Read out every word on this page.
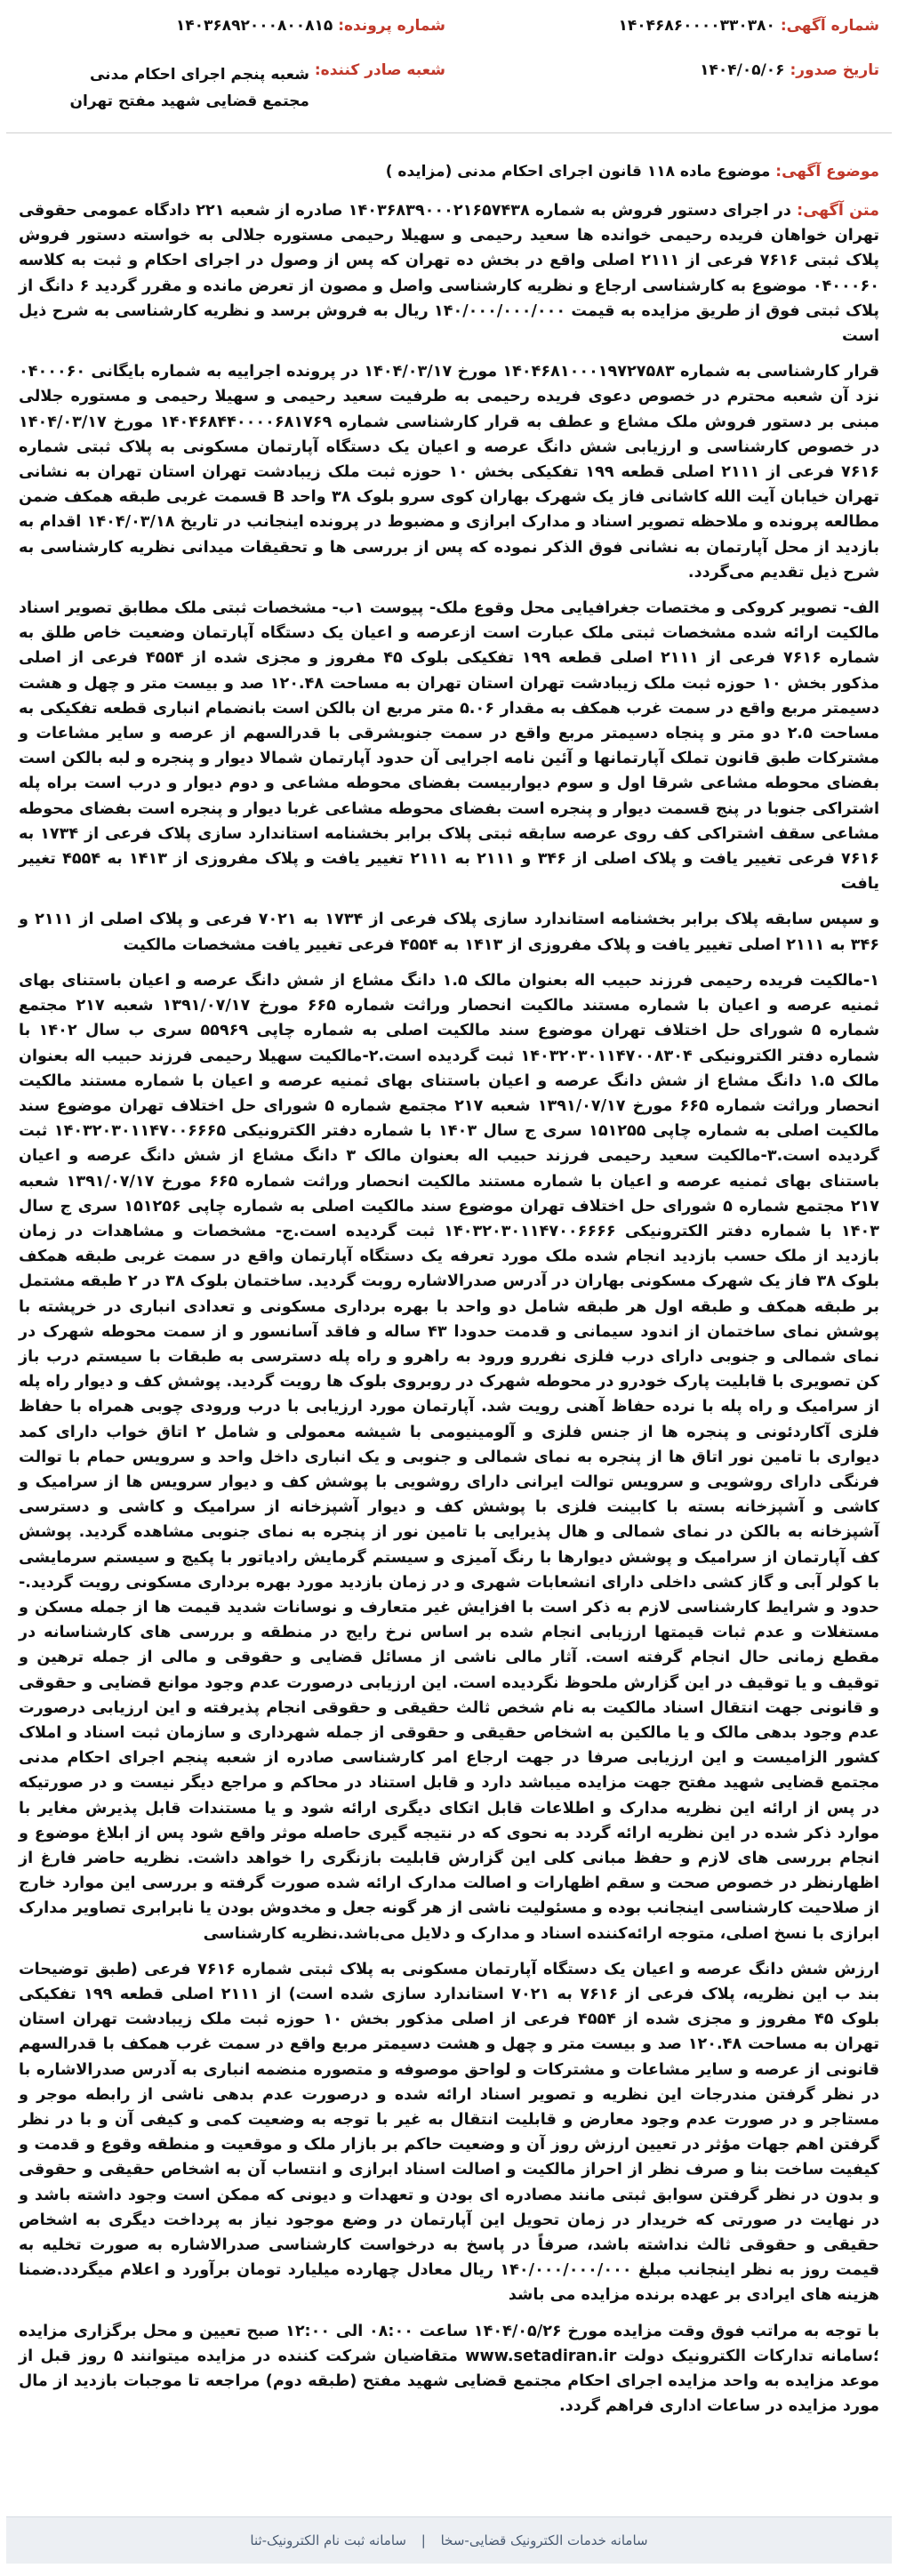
شماره آگهی: ۱۴۰۴۶۸۶۰۰۰۰۳۳۰۳۸۰
شماره پرونده: ۱۴۰۳۶۸۹۲۰۰۰۸۰۰۸۱۵
تاریخ صدور: ۱۴۰۴/۰۵/۰۶
شعبه صادر کننده: شعبه پنجم اجرای احکام مدنی مجتمع قضایی شهید مفتح تهران
موضوع آگهی: موضوع ماده ۱۱۸ قانون اجرای احکام مدنی (مزایده )

متن آگهی: در اجرای دستور فروش به شماره ۱۴۰۳۶۸۳۹۰۰۰۲۱۶۵۷۴۳۸ صادره از شعبه ۲۲۱ دادگاه عمومی حقوقی تهران خواهان فریده رحیمی خوانده ها سعید رحیمی و سهیلا رحیمی مستوره جلالی به خواسته دستور فروش پلاک ثبتی ۷۶۱۶ فرعی از ۲۱۱۱ اصلی واقع در بخش ده تهران که پس از وصول در اجرای احکام و ثبت به کلاسه ۰۴۰۰۰۶۰ موضوع به کارشناسی ارجاع و نظریه کارشناسی واصل و مصون از تعرض مانده و مقرر گردید ۶ دانگ از پلاک ثبتی فوق از طریق مزایده به قیمت ۱۴۰/۰۰۰/۰۰۰/۰۰۰ ریال به فروش برسد و نظریه کارشناسی به شرح ذیل است

قرار کارشناسی به شماره ۱۴۰۴۶۸۱۰۰۰۱۹۷۲۷۵۸۳ مورخ ۱۴۰۴/۰۳/۱۷ در پرونده اجراییه به شماره بایگانی ۰۴۰۰۰۶۰ نزد آن شعبه محترم در خصوص دعوی فریده رحیمی به طرفیت سعید رحیمی و سهیلا رحیمی و مستوره جلالی مبنی بر دستور فروش ملک مشاع و عطف به قرار کارشناسی شماره ۱۴۰۴۶۸۴۴۰۰۰۰۶۸۱۷۶۹ مورخ ۱۴۰۴/۰۳/۱۷ در خصوص کارشناسی و ارزیابی شش دانگ عرصه و اعیان یک دستگاه آپارتمان مسکونی به پلاک ثبتی شماره ۷۶۱۶ فرعی از ۲۱۱۱ اصلی قطعه ۱۹۹ تفکیکی بخش ۱۰ حوزه ثبت ملک زیبادشت تهران استان تهران به نشانی تهران خیابان آیت الله کاشانی فاز یک شهرک بهاران کوی سرو بلوک ۳۸ واحد B قسمت غربی طبقه همکف ضمن مطالعه پرونده و ملاحظه تصویر اسناد و مدارک ابرازی و مضبوط در پرونده اینجانب در تاریخ ۱۴۰۴/۰۳/۱۸ اقدام به بازدید از محل آپارتمان به نشانی فوق الذکر نموده که پس از بررسی ها و تحقیقات میدانی نظریه کارشناسی به شرح ذیل تقدیم می‌گردد.

الف- تصویر کروکی و مختصات جغرافیایی محل وقوع ملک- پیوست ۱ب- مشخصات ثبتی ملک مطابق تصویر اسناد مالکیت ارائه شده مشخصات ثبتی ملک عبارت است ازعرصه و اعیان یک دستگاه آپارتمان وضعیت خاص طلق به شماره ۷۶۱۶ فرعی از ۲۱۱۱ اصلی قطعه ۱۹۹ تفکیکی بلوک ۴۵ مفروز و مجزی شده از ۴۵۵۴ فرعی از اصلی مذکور بخش ۱۰ حوزه ثبت ملک زیبادشت تهران استان تهران به مساحت ۱۲۰.۴۸ صد و بیست متر و چهل و هشت دسیمتر مربع واقع در سمت غرب همکف به مقدار ۵.۰۶ متر مربع ان بالکن است بانضمام انباری قطعه تفکیکی به مساحت ۲.۵ دو متر و پنجاه دسیمتر مربع واقع در سمت جنوبشرقی با قدرالسهم از عرصه و سایر مشاعات و مشترکات طبق قانون تملک آپارتمانها و آئین نامه اجرایی آن حدود آپارتمان شمالا دیوار و پنجره و لبه بالکن است بفضای محوطه مشاعی شرقا اول و سوم دیواربیست بفضای محوطه مشاعی و دوم دیوار و درب است براه پله اشتراکی جنوبا در پنج قسمت دیوار و پنجره است بفضای محوطه مشاعی غربا دیوار و پنجره است بفضای محوطه مشاعی سقف اشتراکی کف روی عرصه سابقه ثبتی پلاک برابر بخشنامه استاندارد سازی پلاک فرعی از ۱۷۳۴ به ۷۶۱۶ فرعی تغییر یافت و پلاک اصلی از ۳۴۶ و ۲۱۱۱ به ۲۱۱۱ تغییر یافت و پلاک مفروزی از ۱۴۱۳ به ۴۵۵۴ تغییر یافت

و سپس سابقه پلاک برابر بخشنامه استاندارد سازی پلاک فرعی از ۱۷۳۴ به ۷۰۲۱ فرعی و پلاک اصلی از ۲۱۱۱ و ۳۴۶ به ۲۱۱۱ اصلی تغییر یافت و پلاک مفروزی از ۱۴۱۳ به ۴۵۵۴ فرعی تغییر یافت مشخصات مالکیت

۱-مالکیت فریده رحیمی فرزند حبیب اله بعنوان مالک ۱.۵ دانگ مشاع از شش دانگ عرصه و اعیان باستنای بهای ثمنیه عرصه و اعیان با شماره مستند مالکیت انحصار وراثت شماره ۶۶۵ مورخ ۱۳۹۱/۰۷/۱۷ شعبه ۲۱۷ مجتمع شماره ۵ شورای حل اختلاف تهران موضوع سند مالکیت اصلی به شماره چاپی ۵۵۹۶۹ سری ب سال ۱۴۰۲ با شماره دفتر الکترونیکی ۱۴۰۳۲۰۳۰۱۱۴۷۰۰۸۳۰۴ ثبت گردیده است.۲-مالکیت سهیلا رحیمی فرزند حبیب اله بعنوان مالک ۱.۵ دانگ مشاع از شش دانگ عرصه و اعیان باستنای بهای ثمنیه عرصه و اعیان با شماره مستند مالکیت انحصار وراثت شماره ۶۶۵ مورخ ۱۳۹۱/۰۷/۱۷ شعبه ۲۱۷ مجتمع شماره ۵ شورای حل اختلاف تهران موضوع سند مالکیت اصلی به شماره چاپی ۱۵۱۲۵۵ سری ج سال ۱۴۰۳ با شماره دفتر الکترونیکی ۱۴۰۳۲۰۳۰۱۱۴۷۰۰۶۶۶۵ ثبت گردیده است.۳-مالکیت سعید رحیمی فرزند حبیب اله بعنوان مالک ۳ دانگ مشاع از شش دانگ عرصه و اعیان باستنای بهای ثمنیه عرصه و اعیان با شماره مستند مالکیت انحصار وراثت شماره ۶۶۵ مورخ ۱۳۹۱/۰۷/۱۷ شعبه ۲۱۷ مجتمع شماره ۵ شورای حل اختلاف تهران موضوع سند مالکیت اصلی به شماره چاپی ۱۵۱۲۵۶ سری ج سال ۱۴۰۳ با شماره دفتر الکترونیکی ۱۴۰۳۲۰۳۰۱۱۴۷۰۰۶۶۶۶ ثبت گردیده است.ج- مشخصات و مشاهدات در زمان بازدید از ملک حسب بازدید انجام شده ملک مورد تعرفه یک دستگاه آپارتمان واقع در سمت غربی طبقه همکف بلوک ۳۸ فاز یک شهرک مسکونی بهاران در آدرس صدرالاشاره روبت گردید. ساختمان بلوک ۳۸ در ۲ طبقه مشتمل بر طبقه همکف و طبقه اول هر طبقه شامل دو واحد با بهره برداری مسکونی و تعدادی انباری در خرپشته با پوشش نمای ساختمان از اندود سیمانی و قدمت حدودا ۴۳ ساله و فاقد آسانسور و از سمت محوطه شهرک در نمای شمالی و جنوبی دارای درب فلزی نفررو ورود به راهرو و راه پله دسترسی به طبقات با سیستم درب باز کن تصویری با قابلیت پارک خودرو در محوطه شهرک در روبروی بلوک ها رویت گردید. پوشش کف و دیوار راه پله از سرامیک و راه پله با نرده حفاظ آهنی رویت شد. آپارتمان مورد ارزیابی با درب ورودی چوبی همراه با حفاظ فلزی آکاردئونی و پنجره ها از جنس فلزی و آلومینیومی با شیشه معمولی و شامل ۲ اتاق خواب دارای کمد دیواری با تامین نور اتاق ها از پنجره به نمای شمالی و جنوبی و یک انباری داخل واحد و سرویس حمام با توالت فرنگی دارای روشویی و سرویس توالت ایرانی دارای روشویی با پوشش کف و دیوار سرویس ها از سرامیک و کاشی و آشپزخانه بسته با کابینت فلزی با پوشش کف و دیوار آشپزخانه از سرامیک و کاشی و دسترسی آشپزخانه به بالکن در نمای شمالی و هال پذیرایی با تامین نور از پنجره به نمای جنوبی مشاهده گردید. پوشش کف آپارتمان از سرامیک و پوشش دیوارها با رنگ آمیزی و سیستم گرمایش رادیاتور با پکیج و سیستم سرمایشی با کولر آبی و گاز کشی داخلی دارای انشعابات شهری و در زمان بازدید مورد بهره برداری مسکونی رویت گردید.- حدود و شرایط کارشناسی لازم به ذکر است با افزایش غیر متعارف و نوسانات شدید قیمت ها از جمله مسکن و مستغلات و عدم ثبات قیمتها ارزیابی انجام شده بر اساس نرخ رایج در منطقه و بررسی های کارشناسانه در مقطع زمانی حال انجام گرفته است. آثار مالی ناشی از مسائل قضایی و حقوقی و مالی از جمله ترهین و توقیف و یا توقیف در این گزارش ملحوظ نگردیده است. این ارزیابی درصورت عدم وجود موانع قضایی و حقوقی و قانونی جهت انتقال اسناد مالکیت به نام شخص ثالث حقیقی و حقوقی انجام پذیرفته و این ارزیابی درصورت عدم وجود بدهی مالک و یا مالکین به اشخاص حقیقی و حقوقی از جمله شهرداری و سازمان ثبت اسناد و املاک کشور الزامیست و این ارزیابی صرفا در جهت ارجاع امر کارشناسی صادره از شعبه پنجم اجرای احکام مدنی مجتمع قضایی شهید مفتح جهت مزایده میباشد دارد و قابل استناد در محاکم و مراجع دیگر نیست و در صورتیکه در پس از ارائه این نظریه مدارک و اطلاعات قابل اتکای دیگری ارائه شود و یا مستندات قابل پذیرش مغایر با موارد ذکر شده در این نظریه ارائه گردد به نحوی که در نتیجه گیری حاصله موثر واقع شود پس از ابلاغ موضوع و انجام بررسی های لازم و حفظ مبانی کلی این گزارش قابلیت بازنگری را خواهد داشت. نظریه حاضر فارغ از اظهارنظر در خصوص صحت و سقم اظهارات و اصالت مدارک ارائه شده صورت گرفته و بررسی این موارد خارج از صلاحیت کارشناسی اینجانب بوده و مسئولیت ناشی از هر گونه جعل و مخدوش بودن یا نابرابری تصاویر مدارک ابرازی با نسخ اصلی، متوجه ارائه‌کننده اسناد و مدارک و دلایل می‌باشد.نظریه کارشناسی

ارزش شش دانگ عرصه و اعیان یک دستگاه آپارتمان مسکونی به پلاک ثبتی شماره ۷۶۱۶ فرعی (طبق توضیحات بند ب این نظریه، پلاک فرعی از ۷۶۱۶ به ۷۰۲۱ استاندارد سازی شده است) از ۲۱۱۱ اصلی قطعه ۱۹۹ تفکیکی بلوک ۴۵ مفروز و مجزی شده از ۴۵۵۴ فرعی از اصلی مذکور بخش ۱۰ حوزه ثبت ملک زیبادشت تهران استان تهران به مساحت ۱۲۰.۴۸ صد و بیست متر و چهل و هشت دسیمتر مربع واقع در سمت غرب همکف با قدرالسهم قانونی از عرصه و سایر مشاعات و مشترکات و لواحق موصوفه و متصوره منضمه انباری به آدرس صدرالاشاره با در نظر گرفتن مندرجات این نظریه و تصویر اسناد ارائه شده و درصورت عدم بدهی ناشی از رابطه موجر و مستاجر و در صورت عدم وجود معارض و قابلیت انتقال به غیر با توجه به وضعیت کمی و کیفی آن و با در نظر گرفتن اهم جهات مؤثر در تعیین ارزش روز آن و وضعیت حاکم بر بازار ملک و موقعیت و منطقه وقوع و قدمت و کیفیت ساخت بنا و صرف نظر از احراز مالکیت و اصالت اسناد ابرازی و انتساب آن به اشخاص حقیقی و حقوقی و بدون در نظر گرفتن سوابق ثبتی مانند مصادره ای بودن و تعهدات و دیونی که ممکن است وجود داشته باشد و در نهایت در صورتی که خریدار در زمان تحویل این آپارتمان در وضع موجود نیاز به پرداخت دیگری به اشخاص حقیقی و حقوقی ثالث نداشته باشد، صرفاً در پاسخ به درخواست کارشناسی صدرالاشاره به صورت تخلیه به قیمت روز به نظر اینجانب مبلغ ۱۴۰/۰۰۰/۰۰۰/۰۰۰ ریال معادل چهارده میلیارد تومان برآورد و اعلام میگردد.ضمنا هزینه های ایرادی بر عهده برنده مزایده می باشد

با توجه به مراتب فوق وقت مزایده مورخ ۱۴۰۴/۰۵/۲۶ ساعت ۰۸:۰۰ الی ۱۲:۰۰ صبح تعیین و محل برگزاری مزایده ؛سامانه تدارکات الکترونیک دولت www.setadiran.ir متقاضیان شرکت کننده در مزایده میتوانند ۵ روز قبل از موعد مزایده به واحد مزایده اجرای احکام مجتمع قضایی شهید مفتح (طبقه دوم) مراجعه تا موجبات بازدید از مال مورد مزایده در ساعات اداری فراهم گردد.

سامانه خدمات الکترونیک قضایی-سخا | سامانه ثبت نام الکترونیک-ثنا
